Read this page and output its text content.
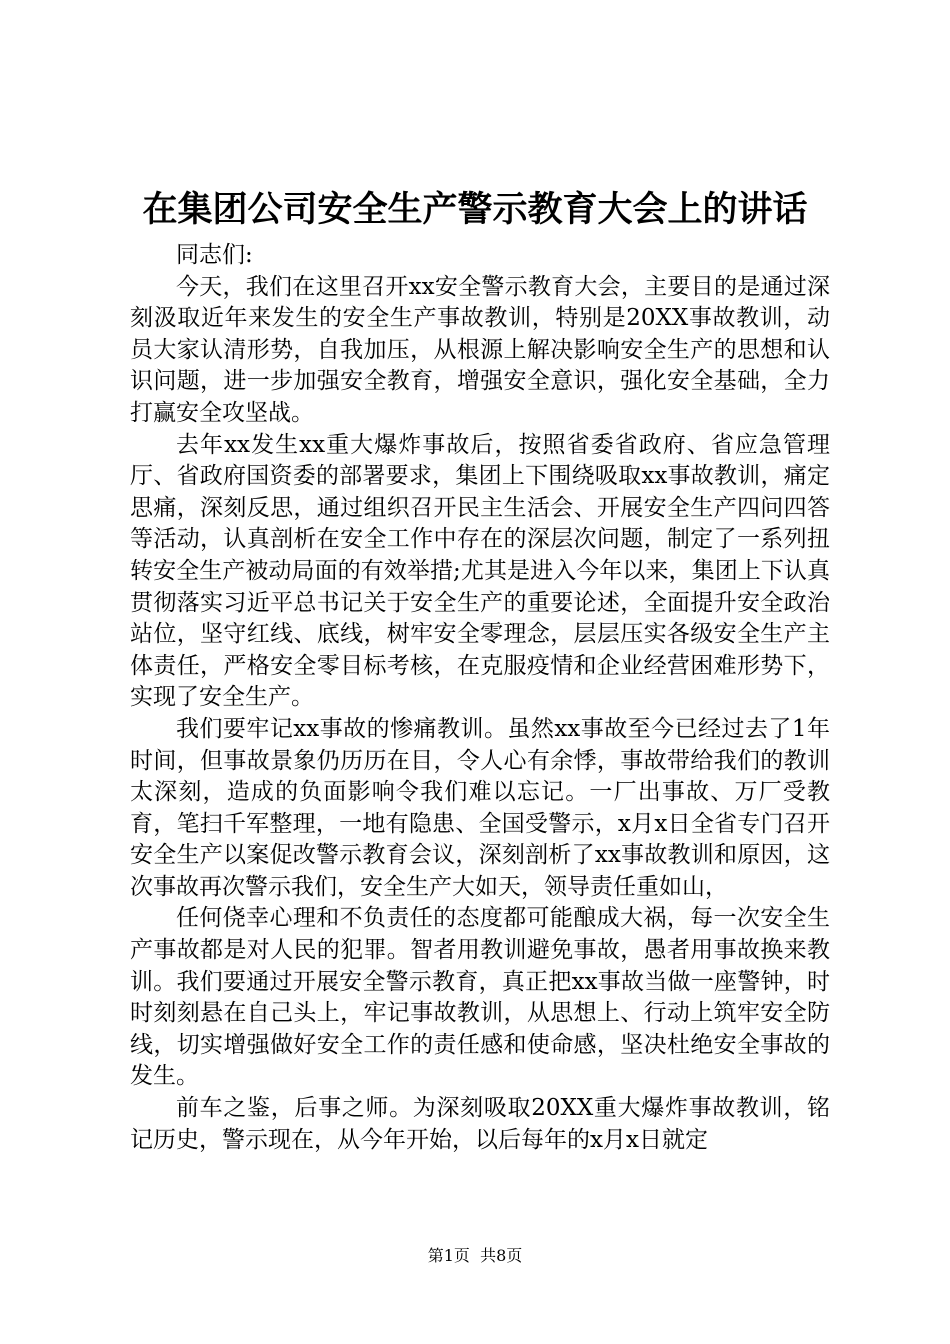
在集团公司安全生产警示教育大会上的讲话

同志们:

今天，我们在这里召开xx安全警示教育大会，主要目的是通过深刻汲取近年来发生的安全生产事故教训，特别是20XX事故教训，动员大家认清形势，自我加压，从根源上解决影响安全生产的思想和认识问题，进一步加强安全教育，增强安全意识，强化安全基础，全力打赢安全攻坚战。

去年xx发生xx重大爆炸事故后，按照省委省政府、省应急管理厅、省政府国资委的部署要求，集团上下围绕吸取xx事故教训，痛定思痛，深刻反思，通过组织召开民主生活会、开展安全生产四问四答等活动，认真剖析在安全工作中存在的深层次问题，制定了一系列扭转安全生产被动局面的有效举措;尤其是进入今年以来，集团上下认真贯彻落实习近平总书记关于安全生产的重要论述，全面提升安全政治站位，坚守红线、底线，树牢安全零理念，层层压实各级安全生产主体责任，严格安全零目标考核，在克服疫情和企业经营困难形势下，实现了安全生产。

我们要牢记xx事故的惨痛教训。虽然xx事故至今已经过去了1年时间，但事故景象仍历历在目，令人心有余悸，事故带给我们的教训太深刻，造成的负面影响令我们难以忘记。一厂出事故、万厂受教育，笔扫千军整理，一地有隐患、全国受警示，x月x日全省专门召开安全生产以案促改警示教育会议，深刻剖析了xx事故教训和原因，这次事故再次警示我们，安全生产大如天，领导责任重如山，

任何侥幸心理和不负责任的态度都可能酿成大祸，每一次安全生产事故都是对人民的犯罪。智者用教训避免事故，愚者用事故换来教训。我们要通过开展安全警示教育，真正把xx事故当做一座警钟，时时刻刻悬在自己头上，牢记事故教训，从思想上、行动上筑牢安全防线，切实增强做好安全工作的责任感和使命感，坚决杜绝安全事故的发生。

前车之鉴，后事之师。为深刻吸取20XX重大爆炸事故教训，铭记历史，警示现在，从今年开始，以后每年的x月x日就定

第1页 共8页
